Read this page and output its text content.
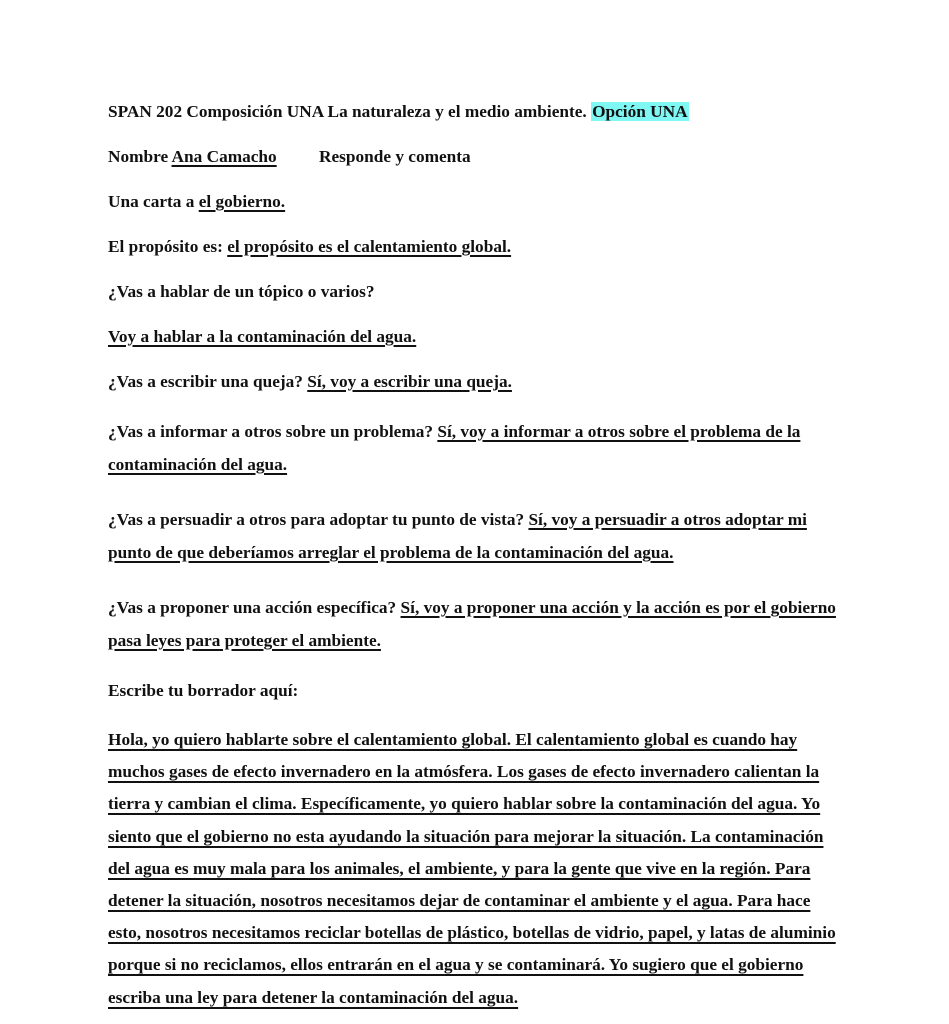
SPAN 202 Composición UNA La naturaleza y el medio ambiente. Opción UNA

Nombre Ana Camacho Responde y comenta

Una carta a el gobierno.

El propósito es: el propósito es el calentamiento global.

¿Vas a hablar de un tópico o varios?

Voy a hablar a la contaminación del agua.

¿Vas a escribir una queja? Sí, voy a escribir una queja.

¿Vas a informar a otros sobre un problema? Sí, voy a informar a otros sobre el problema de la contaminación del agua.

¿Vas a persuadir a otros para adoptar tu punto de vista? Sí, voy a persuadir a otros adoptar mi punto de que deberíamos arreglar el problema de la contaminación del agua.

¿Vas a proponer una acción específica? Sí, voy a proponer una acción y la acción es por el gobierno pasa leyes para proteger el ambiente.

Escribe tu borrador aquí:

Hola, yo quiero hablarte sobre el calentamiento global. El calentamiento global es cuando hay muchos gases de efecto invernadero en la atmósfera. Los gases de efecto invernadero calientan la tierra y cambian el clima. Específicamente, yo quiero hablar sobre la contaminación del agua. Yo siento que el gobierno no esta ayudando la situación para mejorar la situación. La contaminación del agua es muy mala para los animales, el ambiente, y para la gente que vive en la región. Para detener la situación, nosotros necesitamos dejar de contaminar el ambiente y el agua. Para hace esto, nosotros necesitamos reciclar botellas de plástico, botellas de vidrio, papel, y latas de aluminio porque si no reciclamos, ellos entrarán en el agua y se contaminará. Yo sugiero que el gobierno escriba una ley para detener la contaminación del agua.
